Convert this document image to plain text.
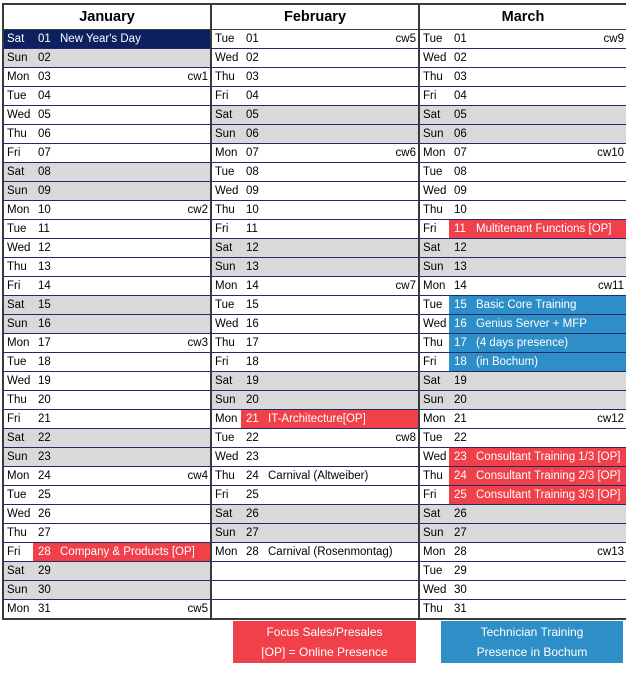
January
Sat 01 New Year's Day
Sun 02
Mon 03	cw1
Tue 04
Wed 05
Thu 06
Fri 07
Sat 08
Sun 09
Mon 10	cw2
Tue 11
Wed 12
Thu 13
Fri 14
Sat 15
Sun 16
Mon 17	cw3
Tue 18
Wed 19
Thu 20
Fri 21
Sat 22
Sun 23
Mon 24	cw4
Tue 25
Wed 26
Thu 27
Fri 28 Company & Products [OP]
Sat 29
Sun 30
Mon 31	cw5
February
Tue 01	cw5
Wed 02
Thu 03
Fri 04
Sat 05
Sun 06
Mon 07	cw6
Tue 08
Wed 09
Thu 10
Fri 11
Sat 12
Sun 13
Mon 14	cw7
Tue 15
Wed 16
Thu 17
Fri 18
Sat 19
Sun 20
Mon 21 IT-Architecture[OP]
Tue 22	cw8
Wed 23
Thu 24 Carnival (Altweiber)
Fri 25
Sat 26
Sun 27
Mon 28 Carnival (Rosenmontag)
March
Tue 01	cw9
Wed 02
Thu 03
Fri 04
Sat 05
Sun 06
Mon 07	cw10
Tue 08
Wed 09
Thu 10
Fri 11 Multitenant Functions [OP]
Sat 12
Sun 13
Mon 14	cw11
Tue 15 Basic Core Training
Wed 16 Genius Server + MFP
Thu 17 (4 days presence)
Fri 18 (in Bochum)
Sat 19
Sun 20
Mon 21	cw12
Tue 22
Wed 23 Consultant Training 1/3 [OP]
Thu 24 Consultant Training 2/3 [OP]
Fri 25 Consultant Training 3/3 [OP]
Sat 26
Sun 27
Mon 28	cw13
Tue 29
Wed 30
Thu 31
Focus Sales/Presales
[OP] = Online Presence
Technician Training
Presence in Bochum
